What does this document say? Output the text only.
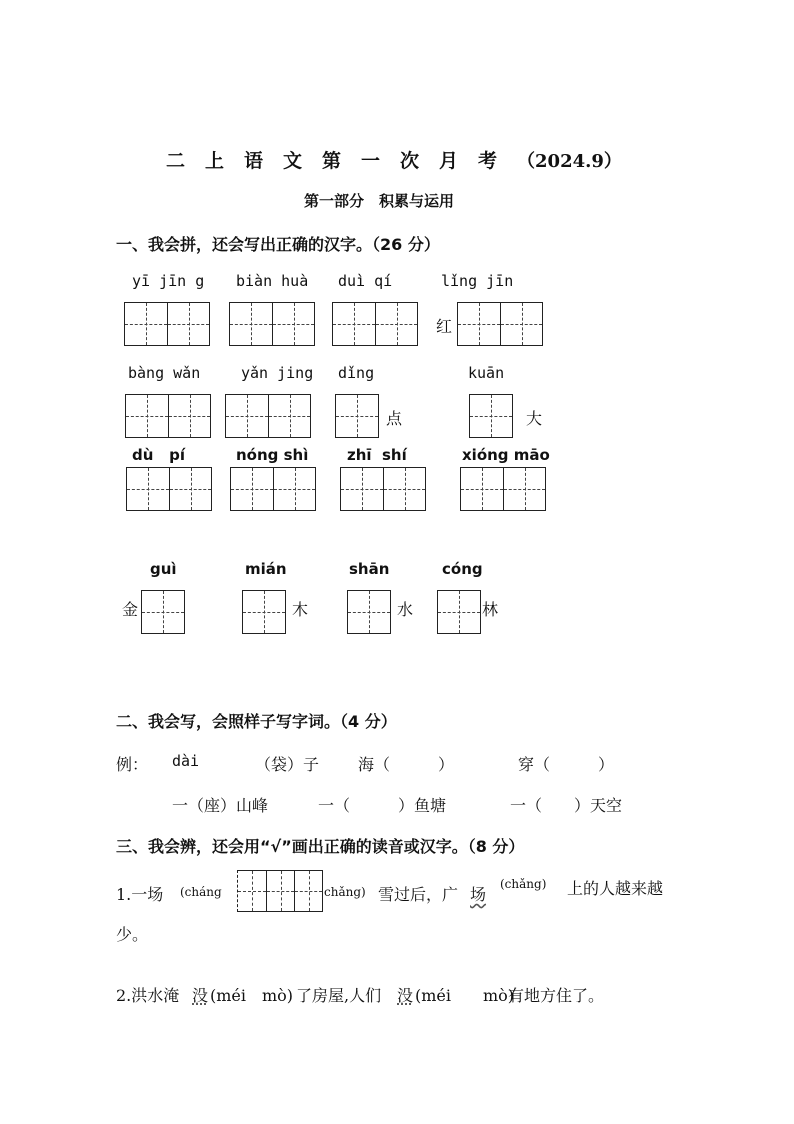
二上语文第一次月考（2024.9）
第一部分　积累与运用
一、我会拼，还会写出正确的汉字。（26 分）
yī jīn g biàn huà duì qí	lǐng jīn
红
bàng wǎn	yǎn jing dǐng	kuān
点	大
dù   pí	nóng shì	zhī  shí	xióng māo
guì	mián	shān	cóng
金	木	水	林
二、我会写，会照样子写字词。（4 分）
例： dài	（袋）子 海（　　　）	穿（　　　）
一（座）山峰	一（　　　）鱼塘	一（　　）天空
三、我会辨，还会用“√”画出正确的读音或汉字。（8 分）
1.一场 (cháng	chǎng) 雪过后，广 场
(chǎng) 上的人越来越
少。
2.洪水淹 没 (méi　mò) 了房屋,人们 没 (méi　　mò)
有地方住了。
